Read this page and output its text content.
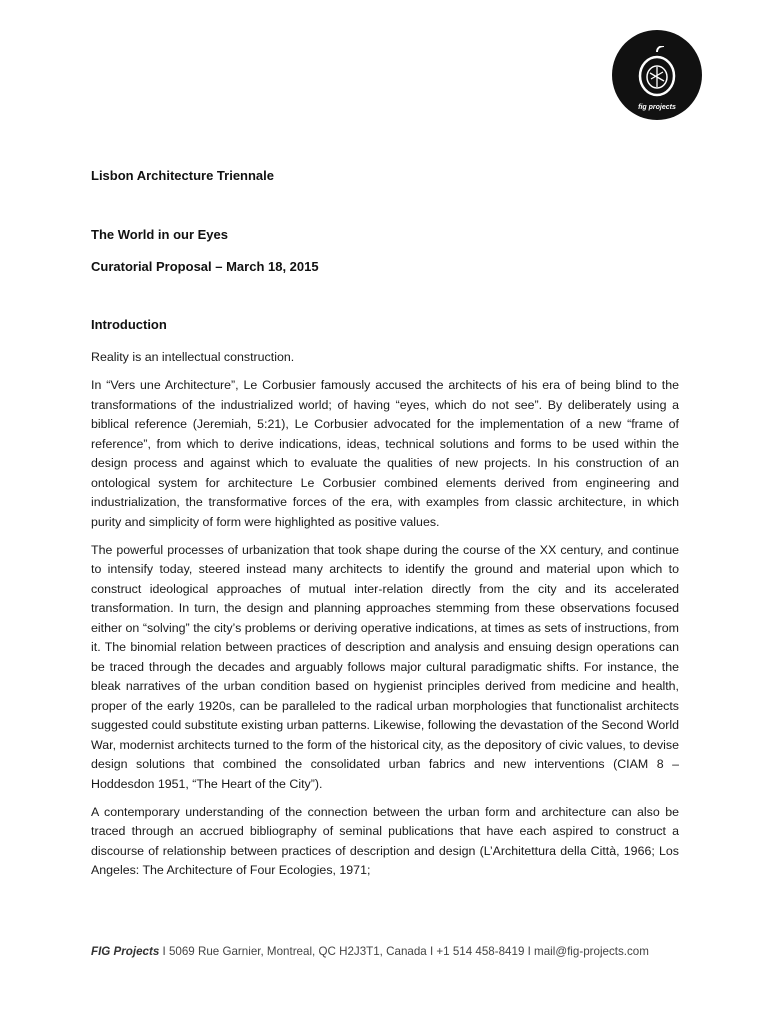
fig projects
Lisbon Architecture Triennale
The World in our Eyes
Curatorial Proposal – March 18, 2015
Introduction

Reality is an intellectual construction.

In “Vers une Architecture”, Le Corbusier famously accused the architects of his era of being blind to the transformations of the industrialized world; of having “eyes, which do not see”. By deliberately using a biblical reference (Jeremiah, 5:21), Le Corbusier advocated for the implementation of a new “frame of reference”, from which to derive indications, ideas, technical solutions and forms to be used within the design process and against which to evaluate the qualities of new projects. In his construction of an ontological system for architecture Le Corbusier combined elements derived from engineering and industrialization, the transformative forces of the era, with examples from classic architecture, in which purity and simplicity of form were highlighted as positive values.

The powerful processes of urbanization that took shape during the course of the XX century, and continue to intensify today, steered instead many architects to identify the ground and material upon which to construct ideological approaches of mutual inter-relation directly from the city and its accelerated transformation. In turn, the design and planning approaches stemming from these observations focused either on “solving” the city’s problems or deriving operative indications, at times as sets of instructions, from it. The binomial relation between practices of description and analysis and ensuing design operations can be traced through the decades and arguably follows major cultural paradigmatic shifts. For instance, the bleak narratives of the urban condition based on hygienist principles derived from medicine and health, proper of the early 1920s, can be paralleled to the radical urban morphologies that functionalist architects suggested could substitute existing urban patterns. Likewise, following the devastation of the Second World War, modernist architects turned to the form of the historical city, as the depository of civic values, to devise design solutions that combined the consolidated urban fabrics and new interventions (CIAM 8 – Hoddesdon 1951, “The Heart of the City”).

A contemporary understanding of the connection between the urban form and architecture can also be traced through an accrued bibliography of seminal publications that have each aspired to construct a discourse of relationship between practices of description and design (L’Architettura della Città, 1966; Los Angeles: The Architecture of Four Ecologies, 1971;

FIG Projects I 5069 Rue Garnier, Montreal, QC H2J3T1, Canada I +1 514 458-8419 I mail@fig-projects.com
